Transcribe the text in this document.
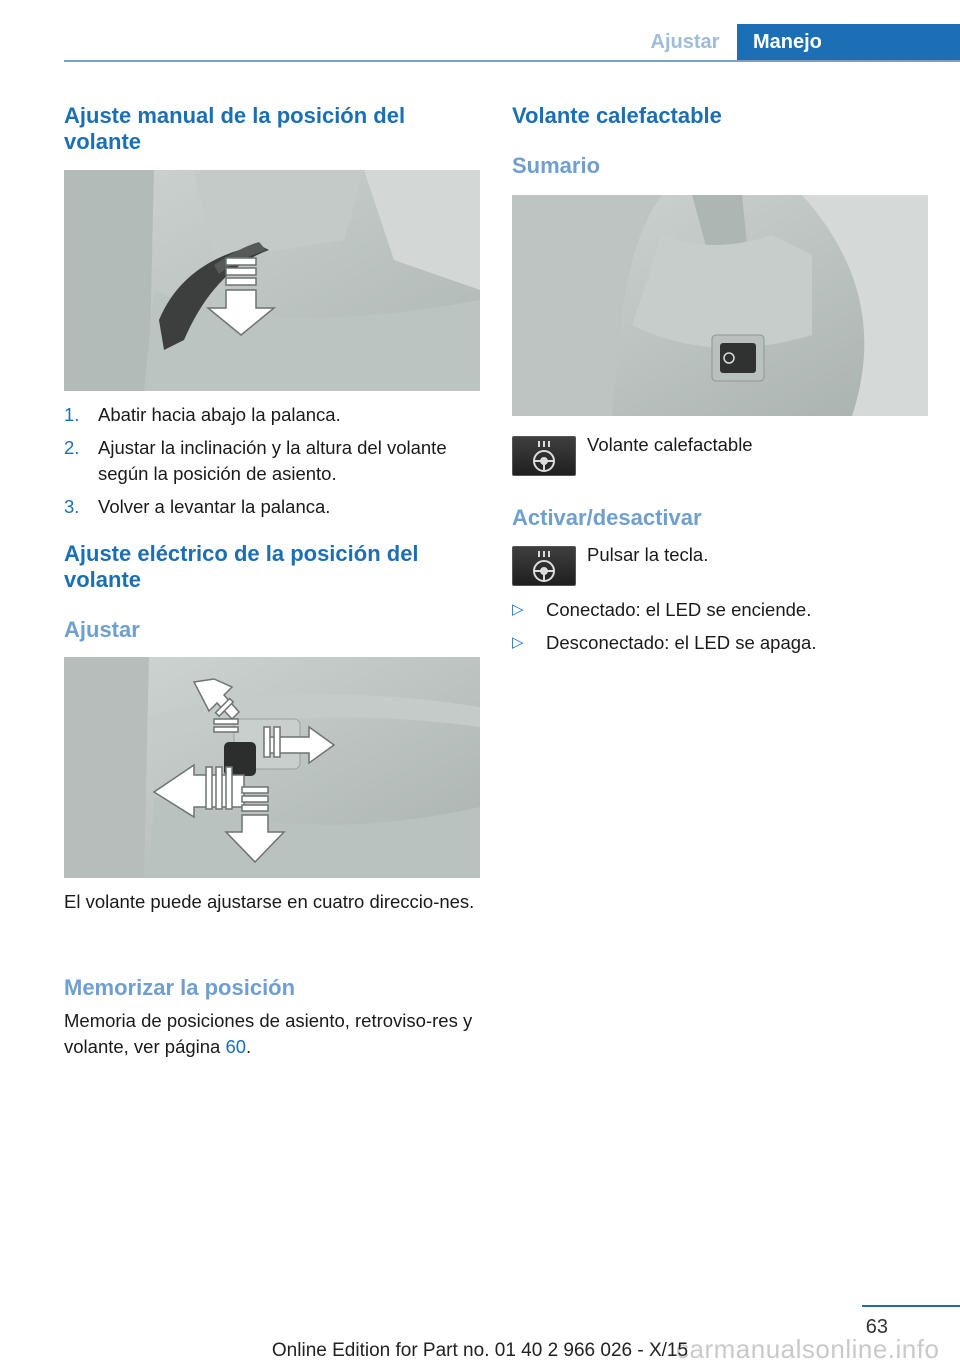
Ajustar	Manejo
Ajuste manual de la posición del volante
1. Abatir hacia abajo la palanca.
2. Ajustar la inclinación y la altura del volante según la posición de asiento.
3. Volver a levantar la palanca.
Ajuste eléctrico de la posición del volante
Ajustar
El volante puede ajustarse en cuatro direccio‐nes.
Memorizar la posición
Memoria de posiciones de asiento, retroviso‐res y volante, ver página 60.
Volante calefactable
Sumario
Volante calefactable
Activar/desactivar
Pulsar la tecla.
▷ Conectado: el LED se enciende.
▷ Desconectado: el LED se apaga.
63
carmanualsonline.info
Online Edition for Part no. 01 40 2 966 026 - X/15
